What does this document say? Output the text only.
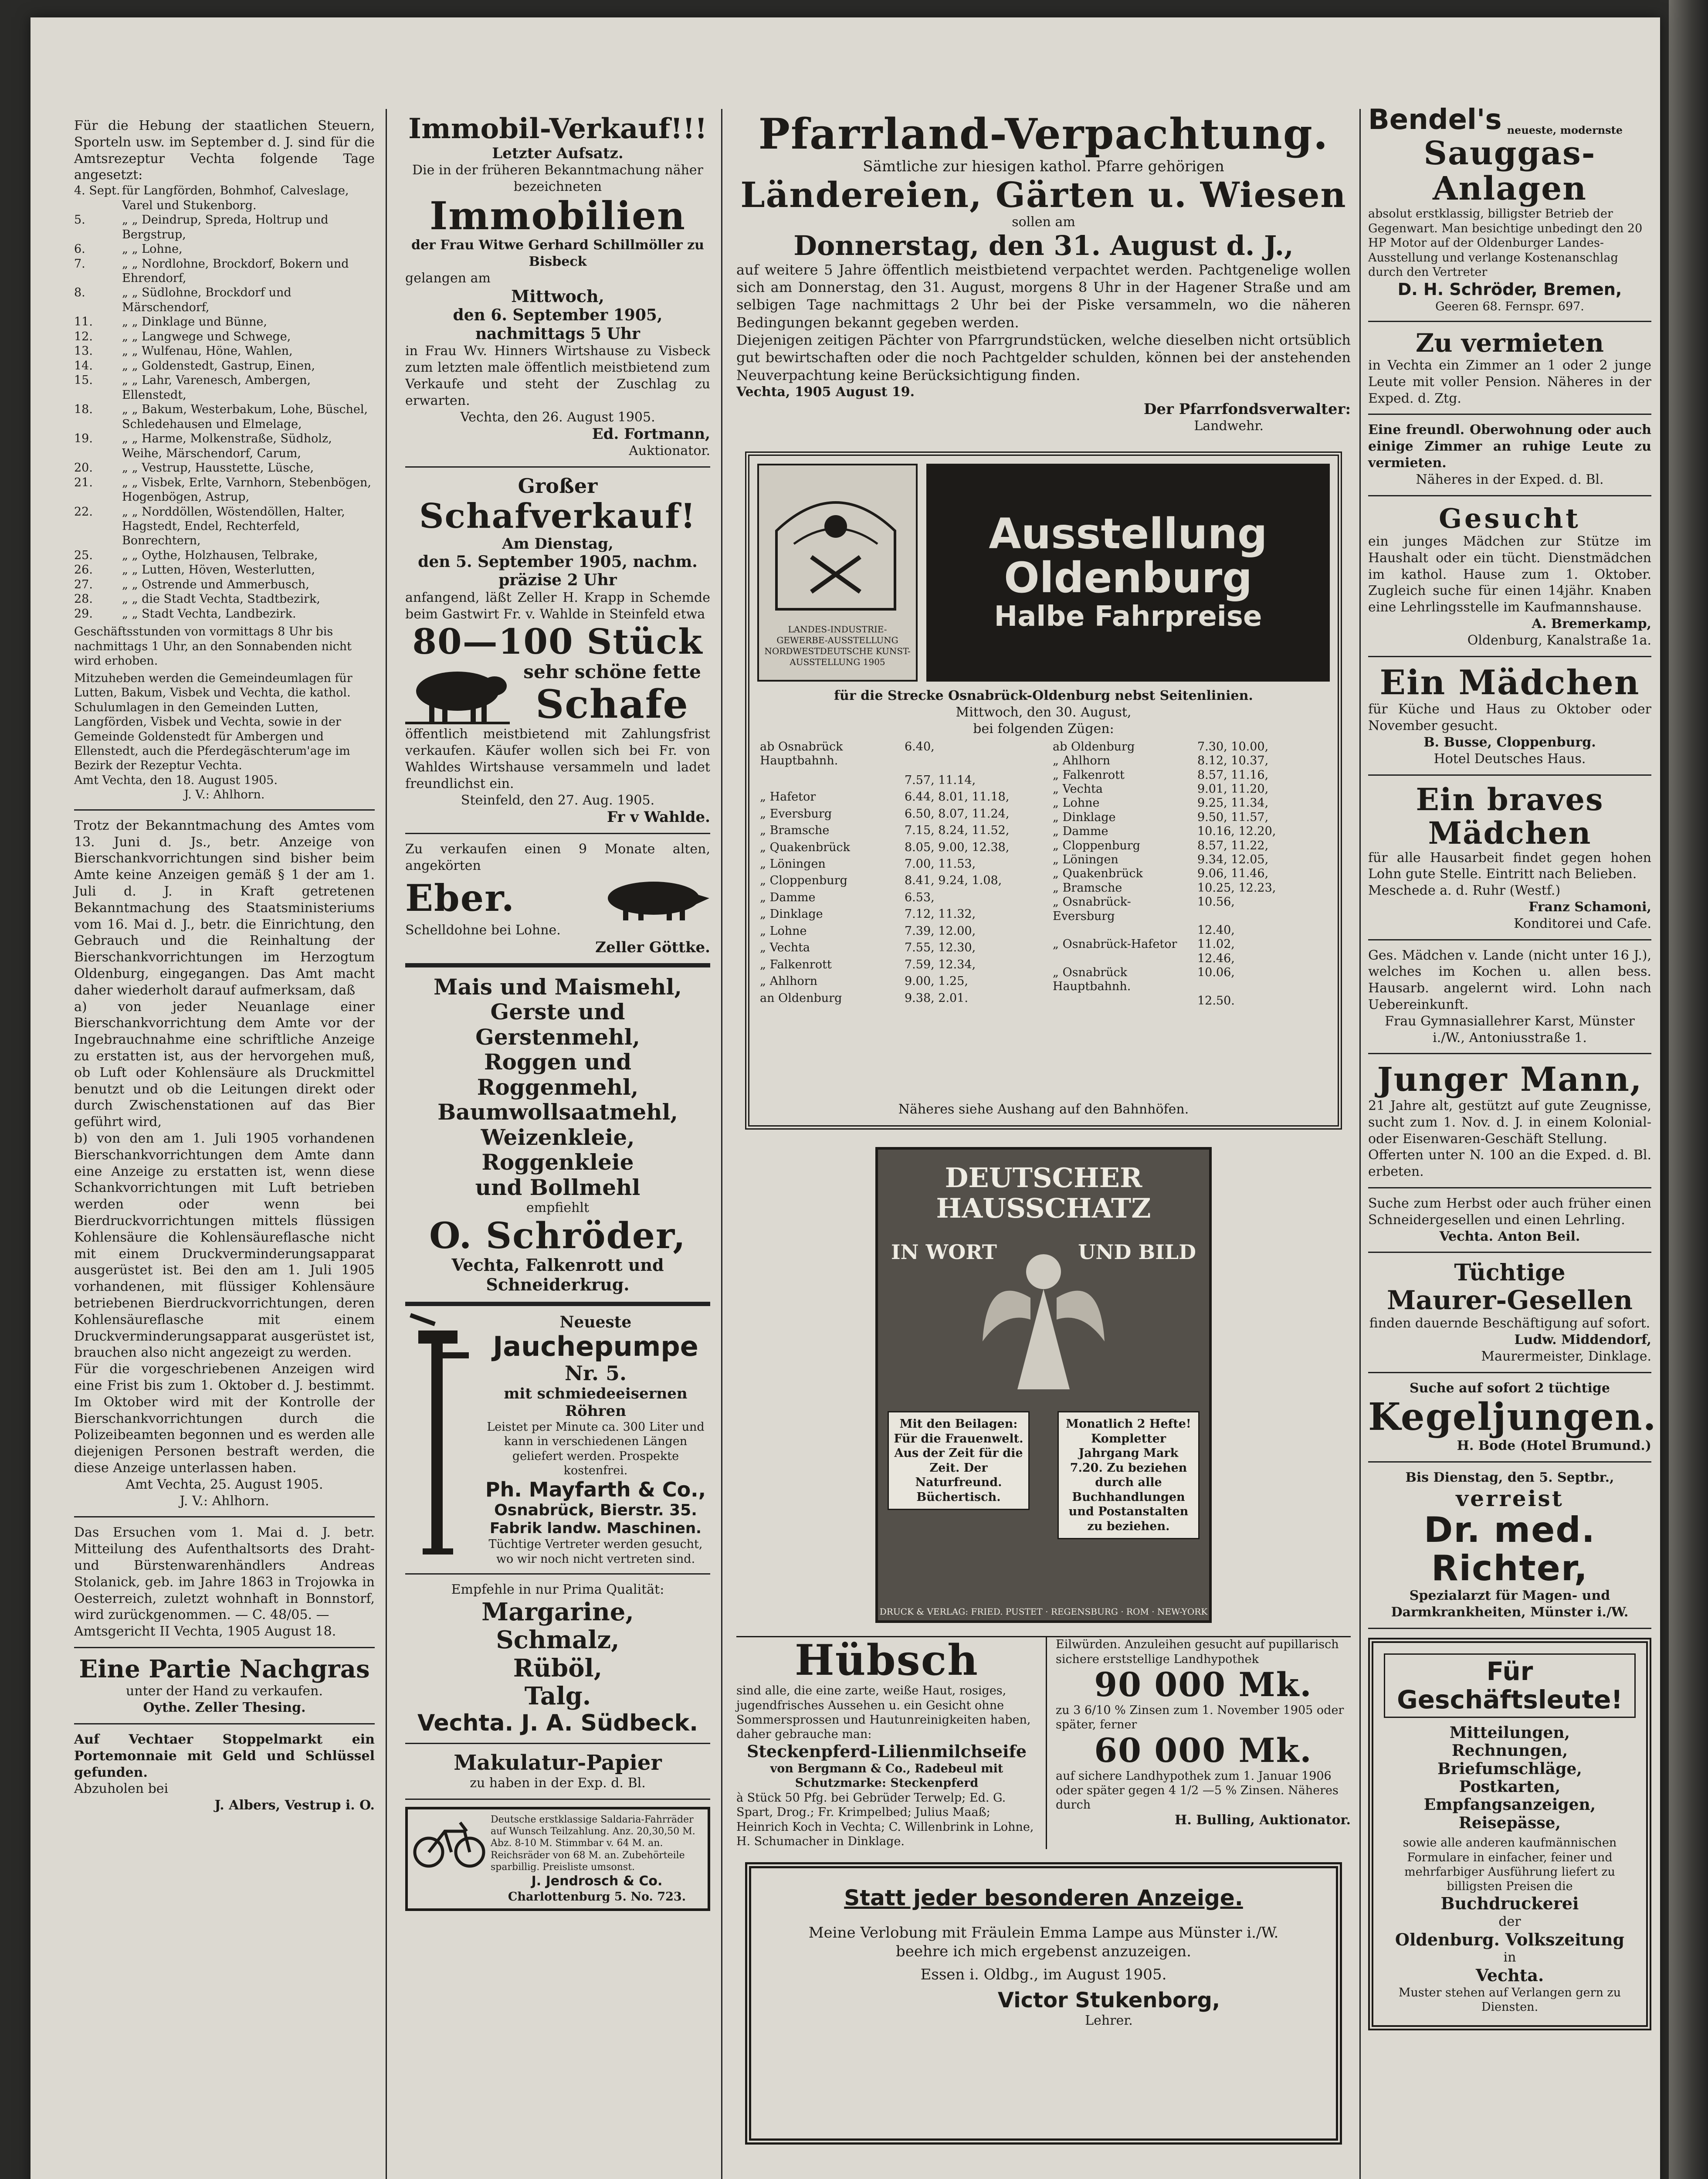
Für die Hebung der staatlichen Steuern, Sporteln usw. im September d. J. sind für die Amtsrezeptur Vechta folgende Tage angesetzt:

4. Sept. für Langförden, Bohmhof, Calveslage, Varel und Stukenborg.
5.	„ „ Deindrup, Spreda, Holtrup und Bergstrup,
6.	„ „ Lohne,
7.	„ „ Nordlohne, Brockdorf, Bokern und Ehrendorf,
8.	„ „ Südlohne, Brockdorf und Märschendorf,
11.	„ „ Dinklage und Bünne,
12.	„ „ Langwege und Schwege,
13.	„ „ Wulfenau, Höne, Wahlen,
14.	„ „ Goldenstedt, Gastrup, Einen,
15.	„ „ Lahr, Varenesch, Ambergen, Ellenstedt,
18.	„ „ Bakum, Westerbakum, Lohe, Büschel, Schledehausen und Elmelage,
19.	„ „ Harme, Molkenstraße, Südholz, Weihe, Märschendorf, Carum,
20.	„ „ Vestrup, Hausstette, Lüsche,
21.	„ „ Visbek, Erlte, Varnhorn, Stebenbögen, Hogenbögen, Astrup,
22.	„ „ Norddöllen, Wöstendöllen, Halter, Hagstedt, Endel, Rechterfeld, Bonrechtern,
25.	„ „ Oythe, Holzhausen, Telbrake,
26.	„ „ Lutten, Höven, Westerlutten,
27.	„ „ Ostrende und Ammerbusch,
28.	„ „ die Stadt Vechta, Stadtbezirk,
29.	„ „ Stadt Vechta, Landbezirk.

Geschäftsstunden von vormittags 8 Uhr bis nachmittags 1 Uhr, an den Sonnabenden nicht wird erhoben.

Mitzuheben werden die Gemeindeumlagen für Lutten, Bakum, Visbek und Vechta, die kathol. Schulumlagen in den Gemeinden Lutten, Langförden, Visbek und Vechta, sowie in der Gemeinde Goldenstedt für Ambergen und Ellenstedt, auch die Pferdegäschterum'age im Bezirk der Rezeptur Vechta.

Amt Vechta, den 18. August 1905.

J. V.: Ahlhorn.

Trotz der Bekanntmachung des Amtes vom 13. Juni d. Js., betr. Anzeige von Bierschankvorrichtungen sind bisher beim Amte keine Anzeigen gemäß § 1 der am 1. Juli d. J. in Kraft getretenen Bekanntmachung des Staatsministeriums vom 16. Mai d. J., betr. die Einrichtung, den Gebrauch und die Reinhaltung der Bierschankvorrichtungen im Herzogtum Oldenburg, eingegangen. Das Amt macht daher wiederholt darauf aufmerksam, daß

a) von jeder Neuanlage einer Bierschankvorrichtung dem Amte vor der Ingebrauchnahme eine schriftliche Anzeige zu erstatten ist, aus der hervorgehen muß, ob Luft oder Kohlensäure als Druckmittel benutzt und ob die Leitungen direkt oder durch Zwischenstationen auf das Bier geführt wird,

b) von den am 1. Juli 1905 vorhandenen Bierschankvorrichtungen dem Amte dann eine Anzeige zu erstatten ist, wenn diese Schankvorrichtungen mit Luft betrieben werden oder wenn bei Bierdruckvorrichtungen mittels flüssigen Kohlensäure die Kohlensäureflasche nicht mit einem Druckverminderungsapparat ausgerüstet ist. Bei den am 1. Juli 1905 vorhandenen, mit flüssiger Kohlensäure betriebenen Bierdruckvorrichtungen, deren Kohlensäureflasche mit einem Druckverminderungsapparat ausgerüstet ist, brauchen also nicht angezeigt zu werden.

Für die vorgeschriebenen Anzeigen wird eine Frist bis zum 1. Oktober d. J. bestimmt. Im Oktober wird mit der Kontrolle der Bierschankvorrichtungen durch die Polizeibeamten begonnen und es werden alle diejenigen Personen bestraft werden, die diese Anzeige unterlassen haben.

Amt Vechta, 25. August 1905.

J. V.: Ahlhorn.

Das Ersuchen vom 1. Mai d. J. betr. Mitteilung des Aufenthaltsorts des Draht- und Bürstenwarenhändlers Andreas Stolanick, geb. im Jahre 1863 in Trojowka in Oesterreich, zuletzt wohnhaft in Bonnstorf, wird zurückgenommen. — C. 48/05. —

Amtsgericht II Vechta, 1905 August 18.

Eine Partie Nachgras

unter der Hand zu verkaufen.

Oythe. Zeller Thesing.

Auf Vechtaer Stoppelmarkt ein Portemonnaie mit Geld und Schlüssel gefunden.

Abzuholen bei

J. Albers, Vestrup i. O.

Immobil-Verkauf!!!

Letzter Aufsatz.

Die in der früheren Bekanntmachung näher bezeichneten

Immobilien

der Frau Witwe Gerhard Schillmöller zu Bisbeck

gelangen am

Mittwoch,

den 6. September 1905, nachmittags 5 Uhr

in Frau Wv. Hinners Wirtshause zu Visbeck zum letzten male öffentlich meistbietend zum Verkaufe und steht der Zuschlag zu erwarten.

Vechta, den 26. August 1905.

Ed. Fortmann,

Auktionator.

Großer

Schafverkauf!

Am Dienstag,

den 5. September 1905, nachm. präzise 2 Uhr

anfangend, läßt Zeller H. Krapp in Schemde beim Gastwirt Fr. v. Wahlde in Steinfeld etwa

80—100 Stück

sehr schöne fette

Schafe

öffentlich meistbietend mit Zahlungsfrist verkaufen. Käufer wollen sich bei Fr. von Wahldes Wirtshause versammeln und ladet freundlichst ein.

Steinfeld, den 27. Aug. 1905.

Fr v Wahlde.

Zu verkaufen einen 9 Monate alten, angekörten

Eber.

Schelldohne bei Lohne.

Zeller Göttke.

Mais und Maismehl,

Gerste und Gerstenmehl,

Roggen und Roggenmehl,

Baumwollsaatmehl,

Weizenkleie, Roggenkleie

und Bollmehl

empfiehlt

O. Schröder,

Vechta, Falkenrott und Schneiderkrug.

Neueste

Jauchepumpe

Nr. 5.

mit schmiedeeisernen Röhren

Leistet per Minute ca. 300 Liter und kann in verschiedenen Längen geliefert werden. Prospekte kostenfrei.

Ph. Mayfarth & Co.,

Osnabrück, Bierstr. 35.

Fabrik landw. Maschinen.

Tüchtige Vertreter werden gesucht, wo wir noch nicht vertreten sind.

Empfehle in nur Prima Qualität:

Margarine,

Schmalz,

Rüböl,

Talg.

Vechta. J. A. Südbeck.

Makulatur-Papier

zu haben in der Exp. d. Bl.

Deutsche erstklassige Saldaria-Fahrräder auf Wunsch Teilzahlung. Anz. 20,30,50 M. Abz. 8-10 M. Stimmbar v. 64 M. an. Reichsräder von 68 M. an. Zubehörteile sparbillig. Preisliste umsonst.

J. Jendrosch & Co.

Charlottenburg 5. No. 723.

Pfarrland-Verpachtung.

Sämtliche zur hiesigen kathol. Pfarre gehörigen

Ländereien, Gärten u. Wiesen

sollen am

Donnerstag, den 31. August d. J.,

auf weitere 5 Jahre öffentlich meistbietend verpachtet werden. Pachtgenelige wollen sich am Donnerstag, den 31. August, morgens 8 Uhr in der Hagener Straße und am selbigen Tage nachmittags 2 Uhr bei der Piske versammeln, wo die näheren Bedingungen bekannt gegeben werden.

Diejenigen zeitigen Pächter von Pfarrgrundstücken, welche dieselben nicht ortsüblich gut bewirtschaften oder die noch Pachtgelder schulden, können bei der anstehenden Neuverpachtung keine Berücksichtigung finden.

Vechta, 1905 August 19.

Der Pfarrfondsverwalter:

Landwehr.

LANDES-INDUSTRIE- GEWERBE-AUSSTELLUNG NORDWESTDEUTSCHE KUNST-AUSSTELLUNG 1905

Ausstellung

Oldenburg

Halbe Fahrpreise

für die Strecke Osnabrück-Oldenburg nebst Seitenlinien.

Mittwoch, den 30. August,

bei folgenden Zügen:

ab Osnabrück Hauptbahnh.	6.40,
	7.57, 11.14,
„ Hafetor	6.44, 8.01, 11.18,
„ Eversburg	6.50, 8.07, 11.24,
„ Bramsche	7.15, 8.24, 11.52,
„ Quakenbrück	8.05, 9.00, 12.38,
„ Löningen	7.00, 11.53,
„ Cloppenburg	8.41, 9.24, 1.08,
„ Damme	6.53,
„ Dinklage	7.12, 11.32,
„ Lohne	7.39, 12.00,
„ Vechta	7.55, 12.30,
„ Falkenrott	7.59, 12.34,
„ Ahlhorn	9.00, 1.25,
an Oldenburg	9.38, 2.01.
ab Oldenburg	7.30, 10.00,
„ Ahlhorn	8.12, 10.37,
„ Falkenrott	8.57, 11.16,
„ Vechta	9.01, 11.20,
„ Lohne	9.25, 11.34,
„ Dinklage	9.50, 11.57,
„ Damme	10.16, 12.20,
„ Cloppenburg	8.57, 11.22,
„ Löningen	9.34, 12.05,
„ Quakenbrück	9.06, 11.46,
„ Bramsche	10.25, 12.23,
„ Osnabrück-Eversburg	10.56,
	12.40,
„ Osnabrück-Hafetor	11.02,
	12.46,
„ Osnabrück Hauptbahnh.	10.06,
	12.50.

Näheres siehe Aushang auf den Bahnhöfen.

DEUTSCHER HAUSSCHATZ

IN WORT	UND BILD

Mit den Beilagen: Für die Frauenwelt. Aus der Zeit für die Zeit. Der Naturfreund. Büchertisch.

Monatlich 2 Hefte! Kompletter Jahrgang Mark 7.20. Zu beziehen durch alle Buchhandlungen und Postanstalten zu beziehen.

DRUCK & VERLAG: FRIED. PUSTET · REGENSBURG · ROM · NEW-YORK

Hübsch

sind alle, die eine zarte, weiße Haut, rosiges, jugendfrisches Aussehen u. ein Gesicht ohne Sommersprossen und Hautunreinigkeiten haben, daher gebrauche man:

Steckenpferd-Lilienmilchseife

von Bergmann & Co., Radebeul mit Schutzmarke: Steckenpferd

à Stück 50 Pfg. bei Gebrüder Terwelp; Ed. G. Spart, Drog.; Fr. Krimpelbed; Julius Maaß; Heinrich Koch in Vechta; C. Willenbrink in Lohne, H. Schumacher in Dinklage.

Eilwürden. Anzuleihen gesucht auf pupillarisch sichere erststellige Landhypothek

90 000 Mk.

zu 3 6/10 % Zinsen zum 1. November 1905 oder später, ferner

60 000 Mk.

auf sichere Landhypothek zum 1. Januar 1906 oder später gegen 4 1/2 —5 % Zinsen. Näheres durch

H. Bulling, Auktionator.

Statt jeder besonderen Anzeige.

Meine Verlobung mit Fräulein Emma Lampe aus Münster i./W. beehre ich mich ergebenst anzuzeigen.

Essen i. Oldbg., im August 1905.

Victor Stukenborg,

Lehrer.

Bendel's neueste, modernste

Sauggas-Anlagen

absolut erstklassig, billigster Betrieb der Gegenwart. Man besichtige unbedingt den 20 HP Motor auf der Oldenburger Landes-Ausstellung und verlange Kostenanschlag durch den Vertreter

D. H. Schröder, Bremen,

Geeren 68. Fernspr. 697.

Zu vermieten

in Vechta ein Zimmer an 1 oder 2 junge Leute mit voller Pension. Näheres in der Exped. d. Ztg.

Eine freundl. Oberwohnung oder auch einige Zimmer an ruhige Leute zu vermieten.

Näheres in der Exped. d. Bl.

Gesucht

ein junges Mädchen zur Stütze im Haushalt oder ein tücht. Dienstmädchen im kathol. Hause zum 1. Oktober. Zugleich suche für einen 14jähr. Knaben eine Lehrlingsstelle im Kaufmannshause.

A. Bremerkamp,

Oldenburg, Kanalstraße 1a.

Ein Mädchen

für Küche und Haus zu Oktober oder November gesucht.

B. Busse, Cloppenburg.

Hotel Deutsches Haus.

Ein braves Mädchen

für alle Hausarbeit findet gegen hohen Lohn gute Stelle. Eintritt nach Belieben.

Meschede a. d. Ruhr (Westf.)

Franz Schamoni,

Konditorei und Cafe.

Ges. Mädchen v. Lande (nicht unter 16 J.), welches im Kochen u. allen bess. Hausarb. angelernt wird. Lohn nach Uebereinkunft.

Frau Gymnasiallehrer Karst, Münster i./W., Antoniusstraße 1.

Junger Mann,

21 Jahre alt, gestützt auf gute Zeugnisse, sucht zum 1. Nov. d. J. in einem Kolonial- oder Eisenwaren-Geschäft Stellung.

Offerten unter N. 100 an die Exped. d. Bl. erbeten.

Suche zum Herbst oder auch früher einen Schneidergesellen und einen Lehrling.

Vechta. Anton Beil.

Tüchtige

Maurer-Gesellen

finden dauernde Beschäftigung auf sofort.

Ludw. Middendorf,

Maurermeister, Dinklage.

Suche auf sofort 2 tüchtige

Kegeljungen.

H. Bode (Hotel Brumund.)

Bis Dienstag, den 5. Septbr.,

verreist

Dr. med. Richter,

Spezialarzt für Magen- und Darmkrankheiten, Münster i./W.

Für Geschäftsleute!

Mitteilungen,

Rechnungen,

Briefumschläge,

Postkarten,

Empfangsanzeigen,

Reisepässe,

sowie alle anderen kaufmännischen Formulare in einfacher, feiner und mehrfarbiger Ausführung liefert zu billigsten Preisen die

Buchdruckerei

der

Oldenburg. Volkszeitung

in

Vechta.

Muster stehen auf Verlangen gern zu Diensten.
